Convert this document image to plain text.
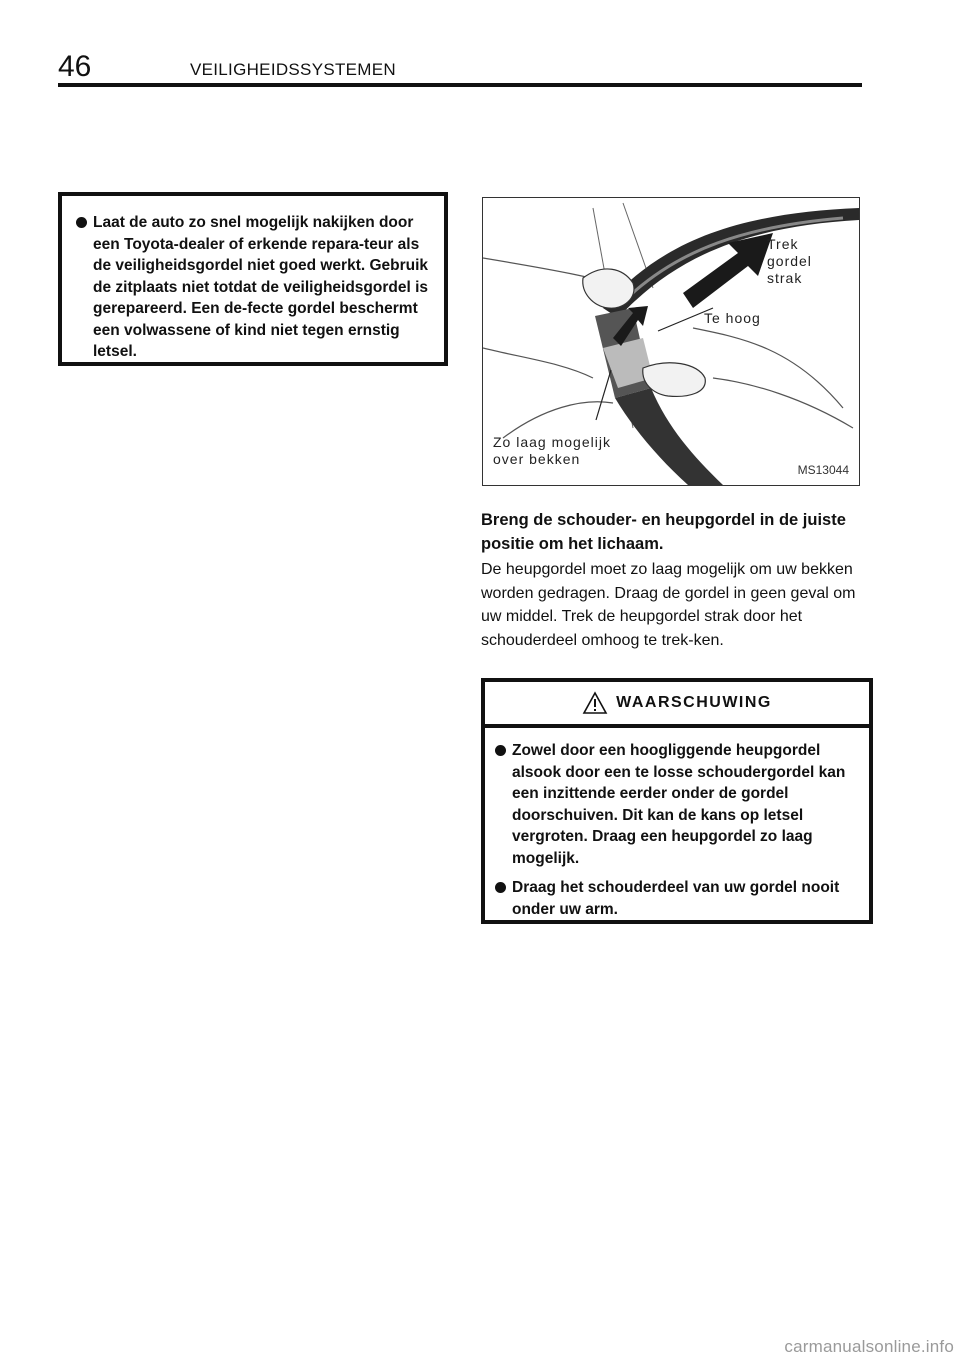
46	VEILIGHEIDSSYSTEMEN
Laat de auto zo snel mogelijk nakijken door een Toyota-dealer of erkende repara-teur als de veiligheidsgordel niet goed werkt. Gebruik de zitplaats niet totdat de veiligheidsgordel is gerepareerd. Een de-fecte gordel beschermt een volwassene of kind niet tegen ernstig letsel.
Trek
gordel
strak
Te hoog
Zo laag mogelijk
over bekken
MS13044
Breng de schouder- en heupgordel in de juiste positie om het lichaam.
De heupgordel moet zo laag mogelijk om uw bekken worden gedragen. Draag de gordel in geen geval om uw middel. Trek de heupgordel strak door het schouderdeel omhoog te trek-ken.
WAARSCHUWING
Zowel door een hoogliggende heupgordel alsook door een te losse schoudergordel kan een inzittende eerder onder de gordel doorschuiven. Dit kan de kans op letsel vergroten. Draag een heupgordel zo laag mogelijk.
Draag het schouderdeel van uw gordel nooit onder uw arm.
carmanualsonline.info
